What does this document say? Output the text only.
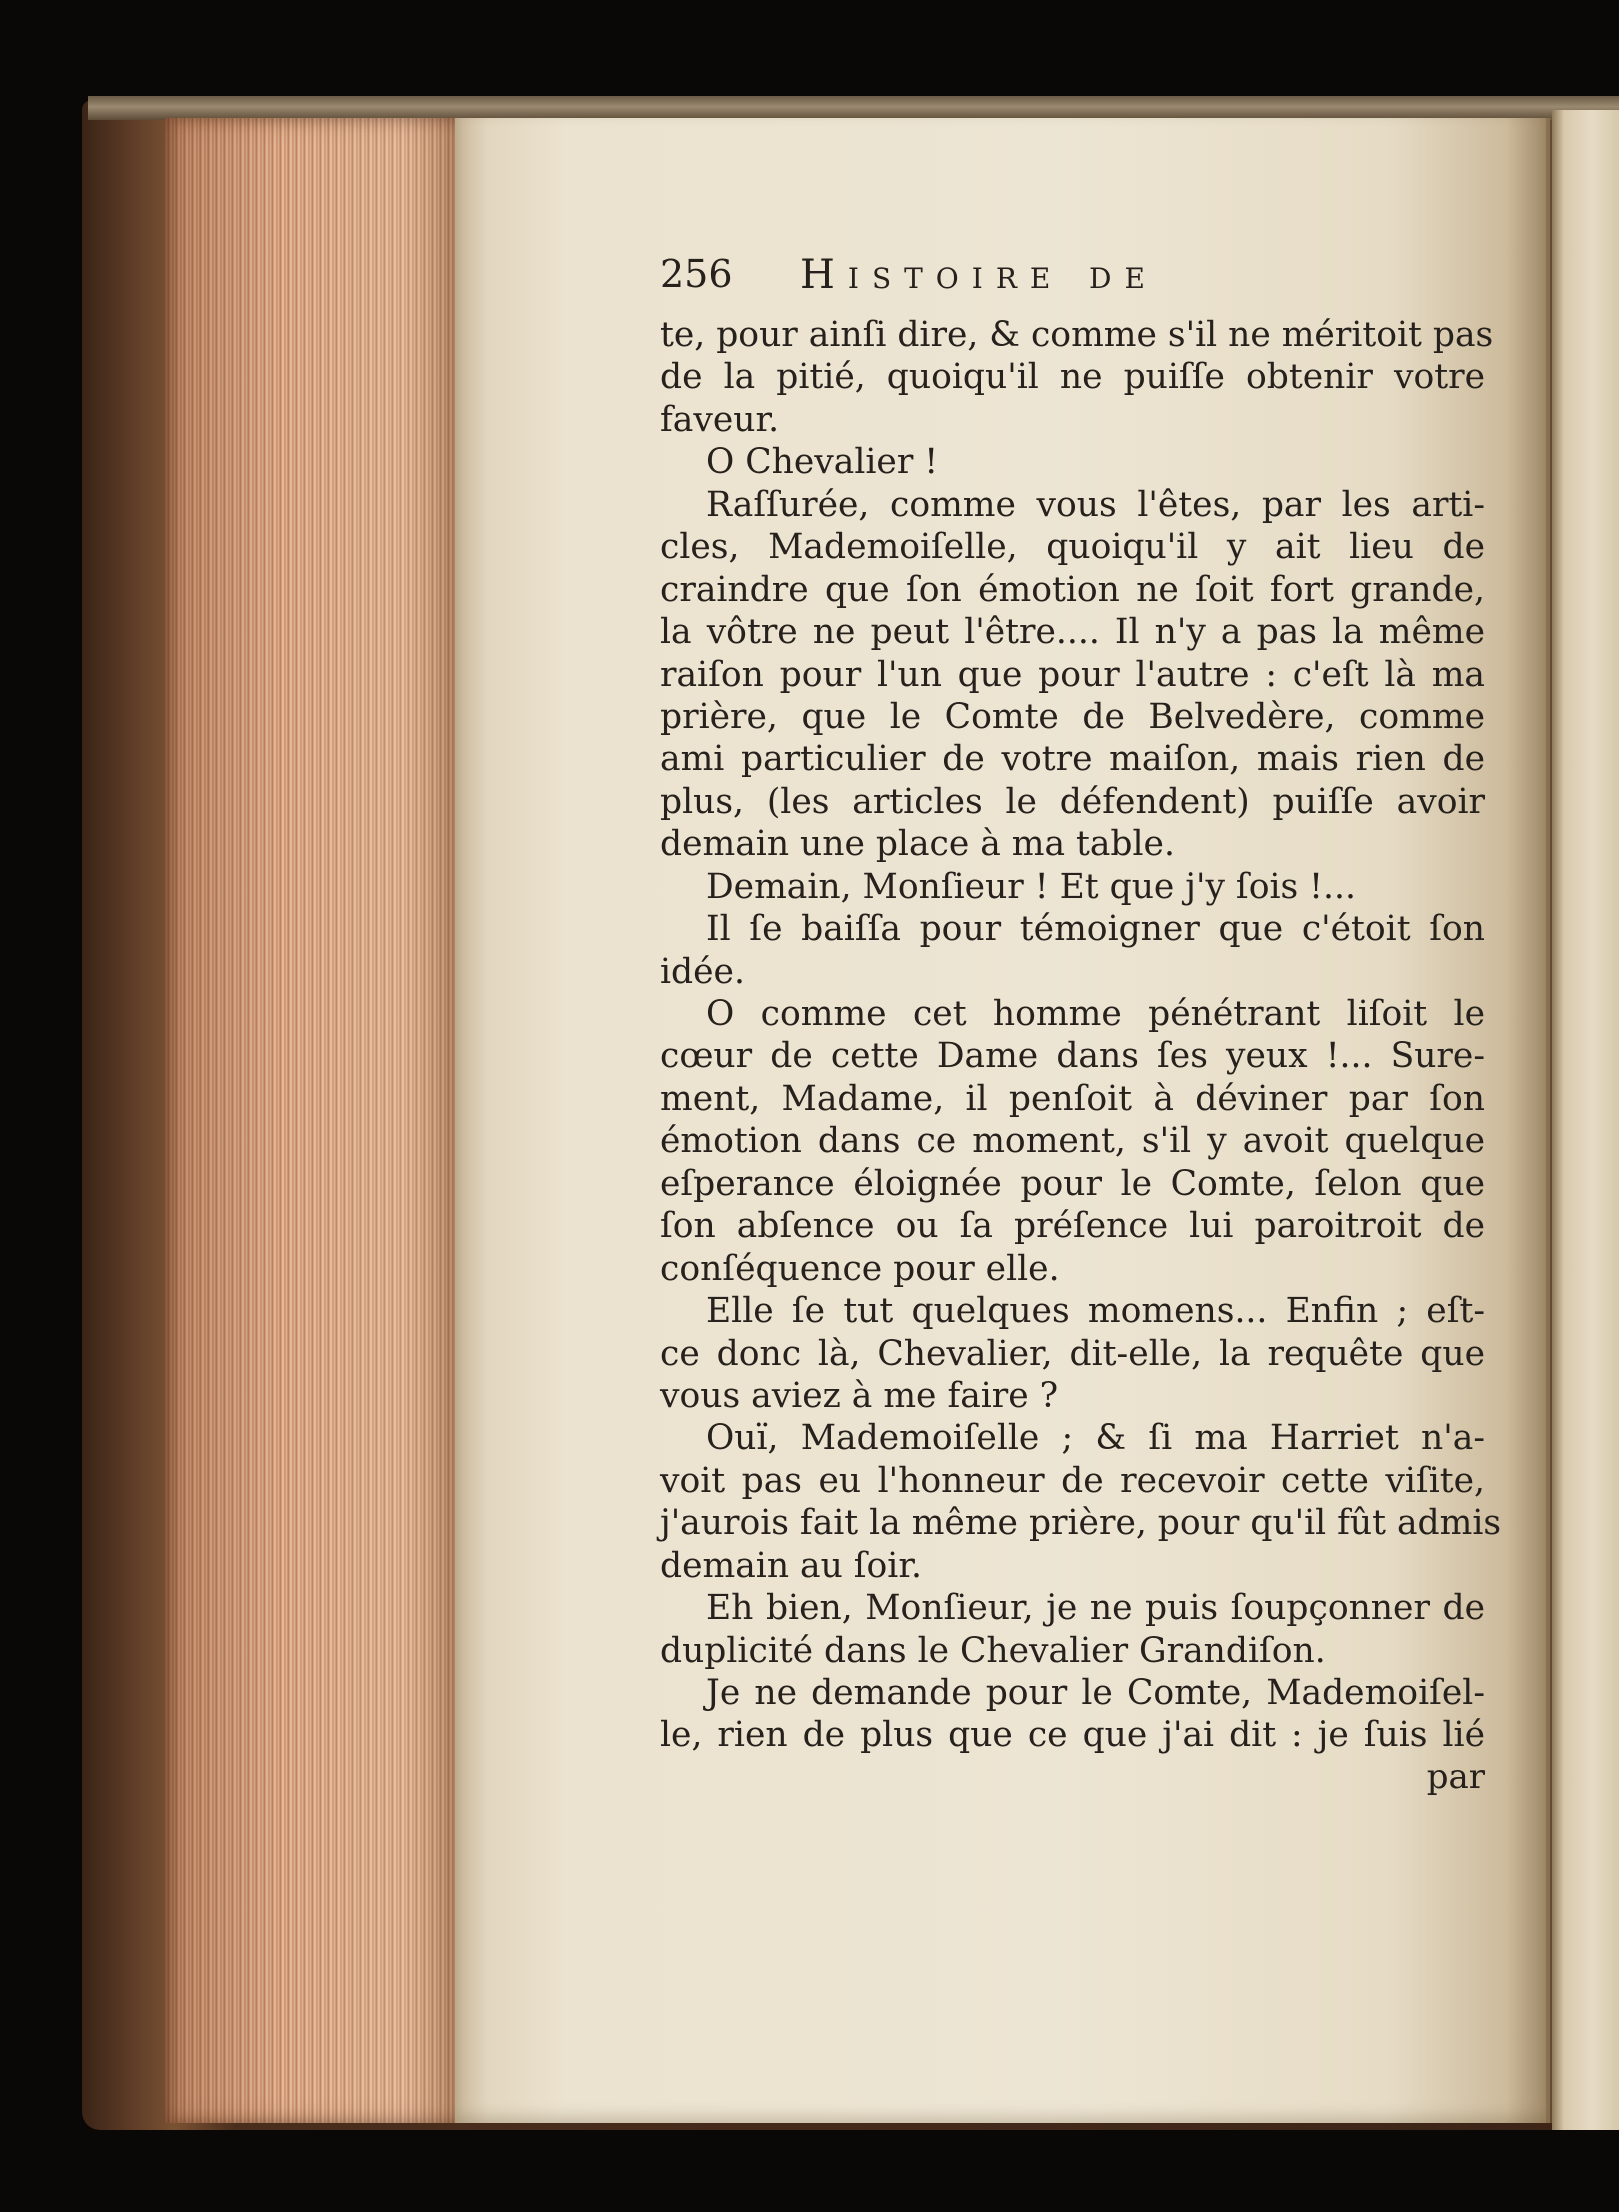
256 Histoire de
te, pour ainſi dire, & comme s'il ne méritoit pas
de la pitié, quoiqu'il ne puiſſe obtenir votre
faveur.
O Chevalier !
Raſſurée, comme vous l'êtes, par les arti-
cles, Mademoiſelle, quoiqu'il y ait lieu de
craindre que ſon émotion ne ſoit fort grande,
la vôtre ne peut l'être.... Il n'y a pas la même
raiſon pour l'un que pour l'autre : c'eſt là ma
prière, que le Comte de Belvedère, comme
ami particulier de votre maiſon, mais rien de
plus, (les articles le défendent) puiſſe avoir
demain une place à ma table.
Demain, Monſieur ! Et que j'y ſois !...
Il ſe baiſſa pour témoigner que c'étoit ſon
idée.
O comme cet homme pénétrant liſoit le
cœur de cette Dame dans ſes yeux !... Sure-
ment, Madame, il penſoit à déviner par ſon
émotion dans ce moment, s'il y avoit quelque
eſperance éloignée pour le Comte, ſelon que
ſon abſence ou ſa préſence lui paroitroit de
conſéquence pour elle.
Elle ſe tut quelques momens... Enfin ; eſt-
ce donc là, Chevalier, dit-elle, la requête que
vous aviez à me faire ?
Ouï, Mademoiſelle ; & ſi ma Harriet n'a-
voit pas eu l'honneur de recevoir cette viſite,
j'aurois fait la même prière, pour qu'il fût admis
demain au ſoir.
Eh bien, Monſieur, je ne puis ſoupçonner de
duplicité dans le Chevalier Grandiſon.
Je ne demande pour le Comte, Mademoiſel-
le, rien de plus que ce que j'ai dit : je ſuis lié
par
